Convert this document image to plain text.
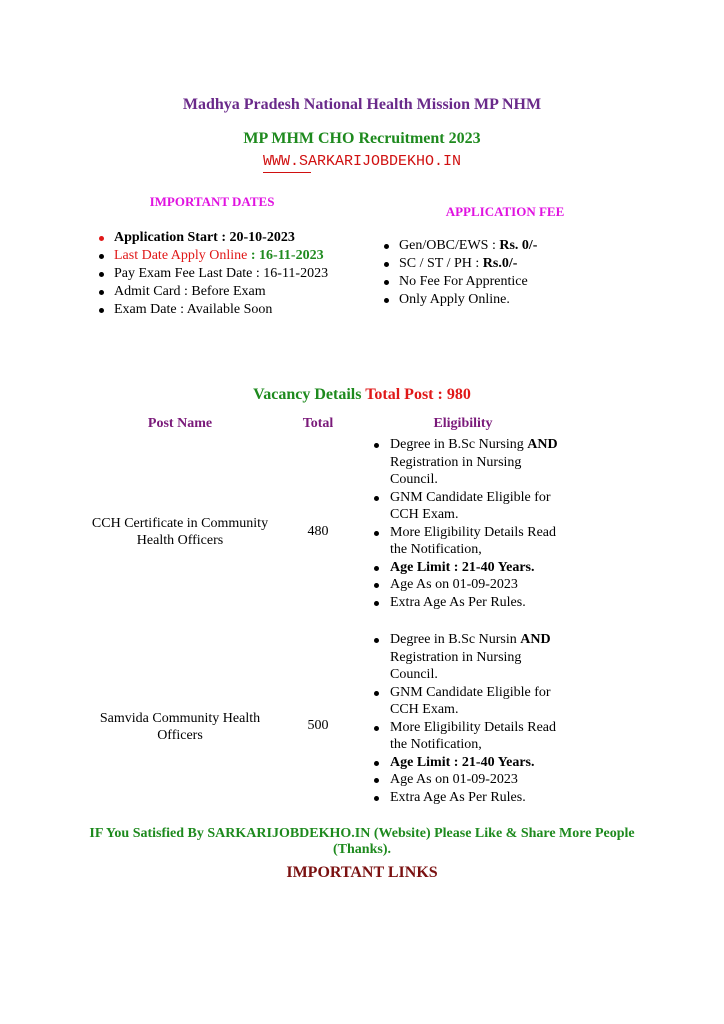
Madhya Pradesh National Health Mission MP NHM
MP MHM CHO Recruitment 2023
WWW.SARKARIJOBDEKHO.IN
IMPORTANT DATES
APPLICATION FEE
Application Start : 20-10-2023
Last Date Apply Online : 16-11-2023
Pay Exam Fee Last Date : 16-11-2023
Admit Card : Before Exam
Exam Date : Available Soon
Gen/OBC/EWS : Rs. 0/-
SC / ST / PH : Rs.0/-
No Fee For Apprentice
Only Apply Online.
Vacancy Details Total Post : 980
Post Name	Total	Eligibility
CCH Certificate in Community Health Officers
480
Degree in B.Sc Nursing AND Registration in Nursing Council.
GNM Candidate Eligible for CCH Exam.
More Eligibility Details Read the Notification,
Age Limit : 21-40 Years.
Age As on 01-09-2023
Extra Age As Per Rules.
Samvida Community Health Officers
500
Degree in B.Sc Nursin AND Registration in Nursing Council.
GNM Candidate Eligible for CCH Exam.
More Eligibility Details Read the Notification,
Age Limit : 21-40 Years.
Age As on 01-09-2023
Extra Age As Per Rules.
IF You Satisfied By SARKARIJOBDEKHO.IN (Website) Please Like & Share More People (Thanks).
IMPORTANT LINKS
